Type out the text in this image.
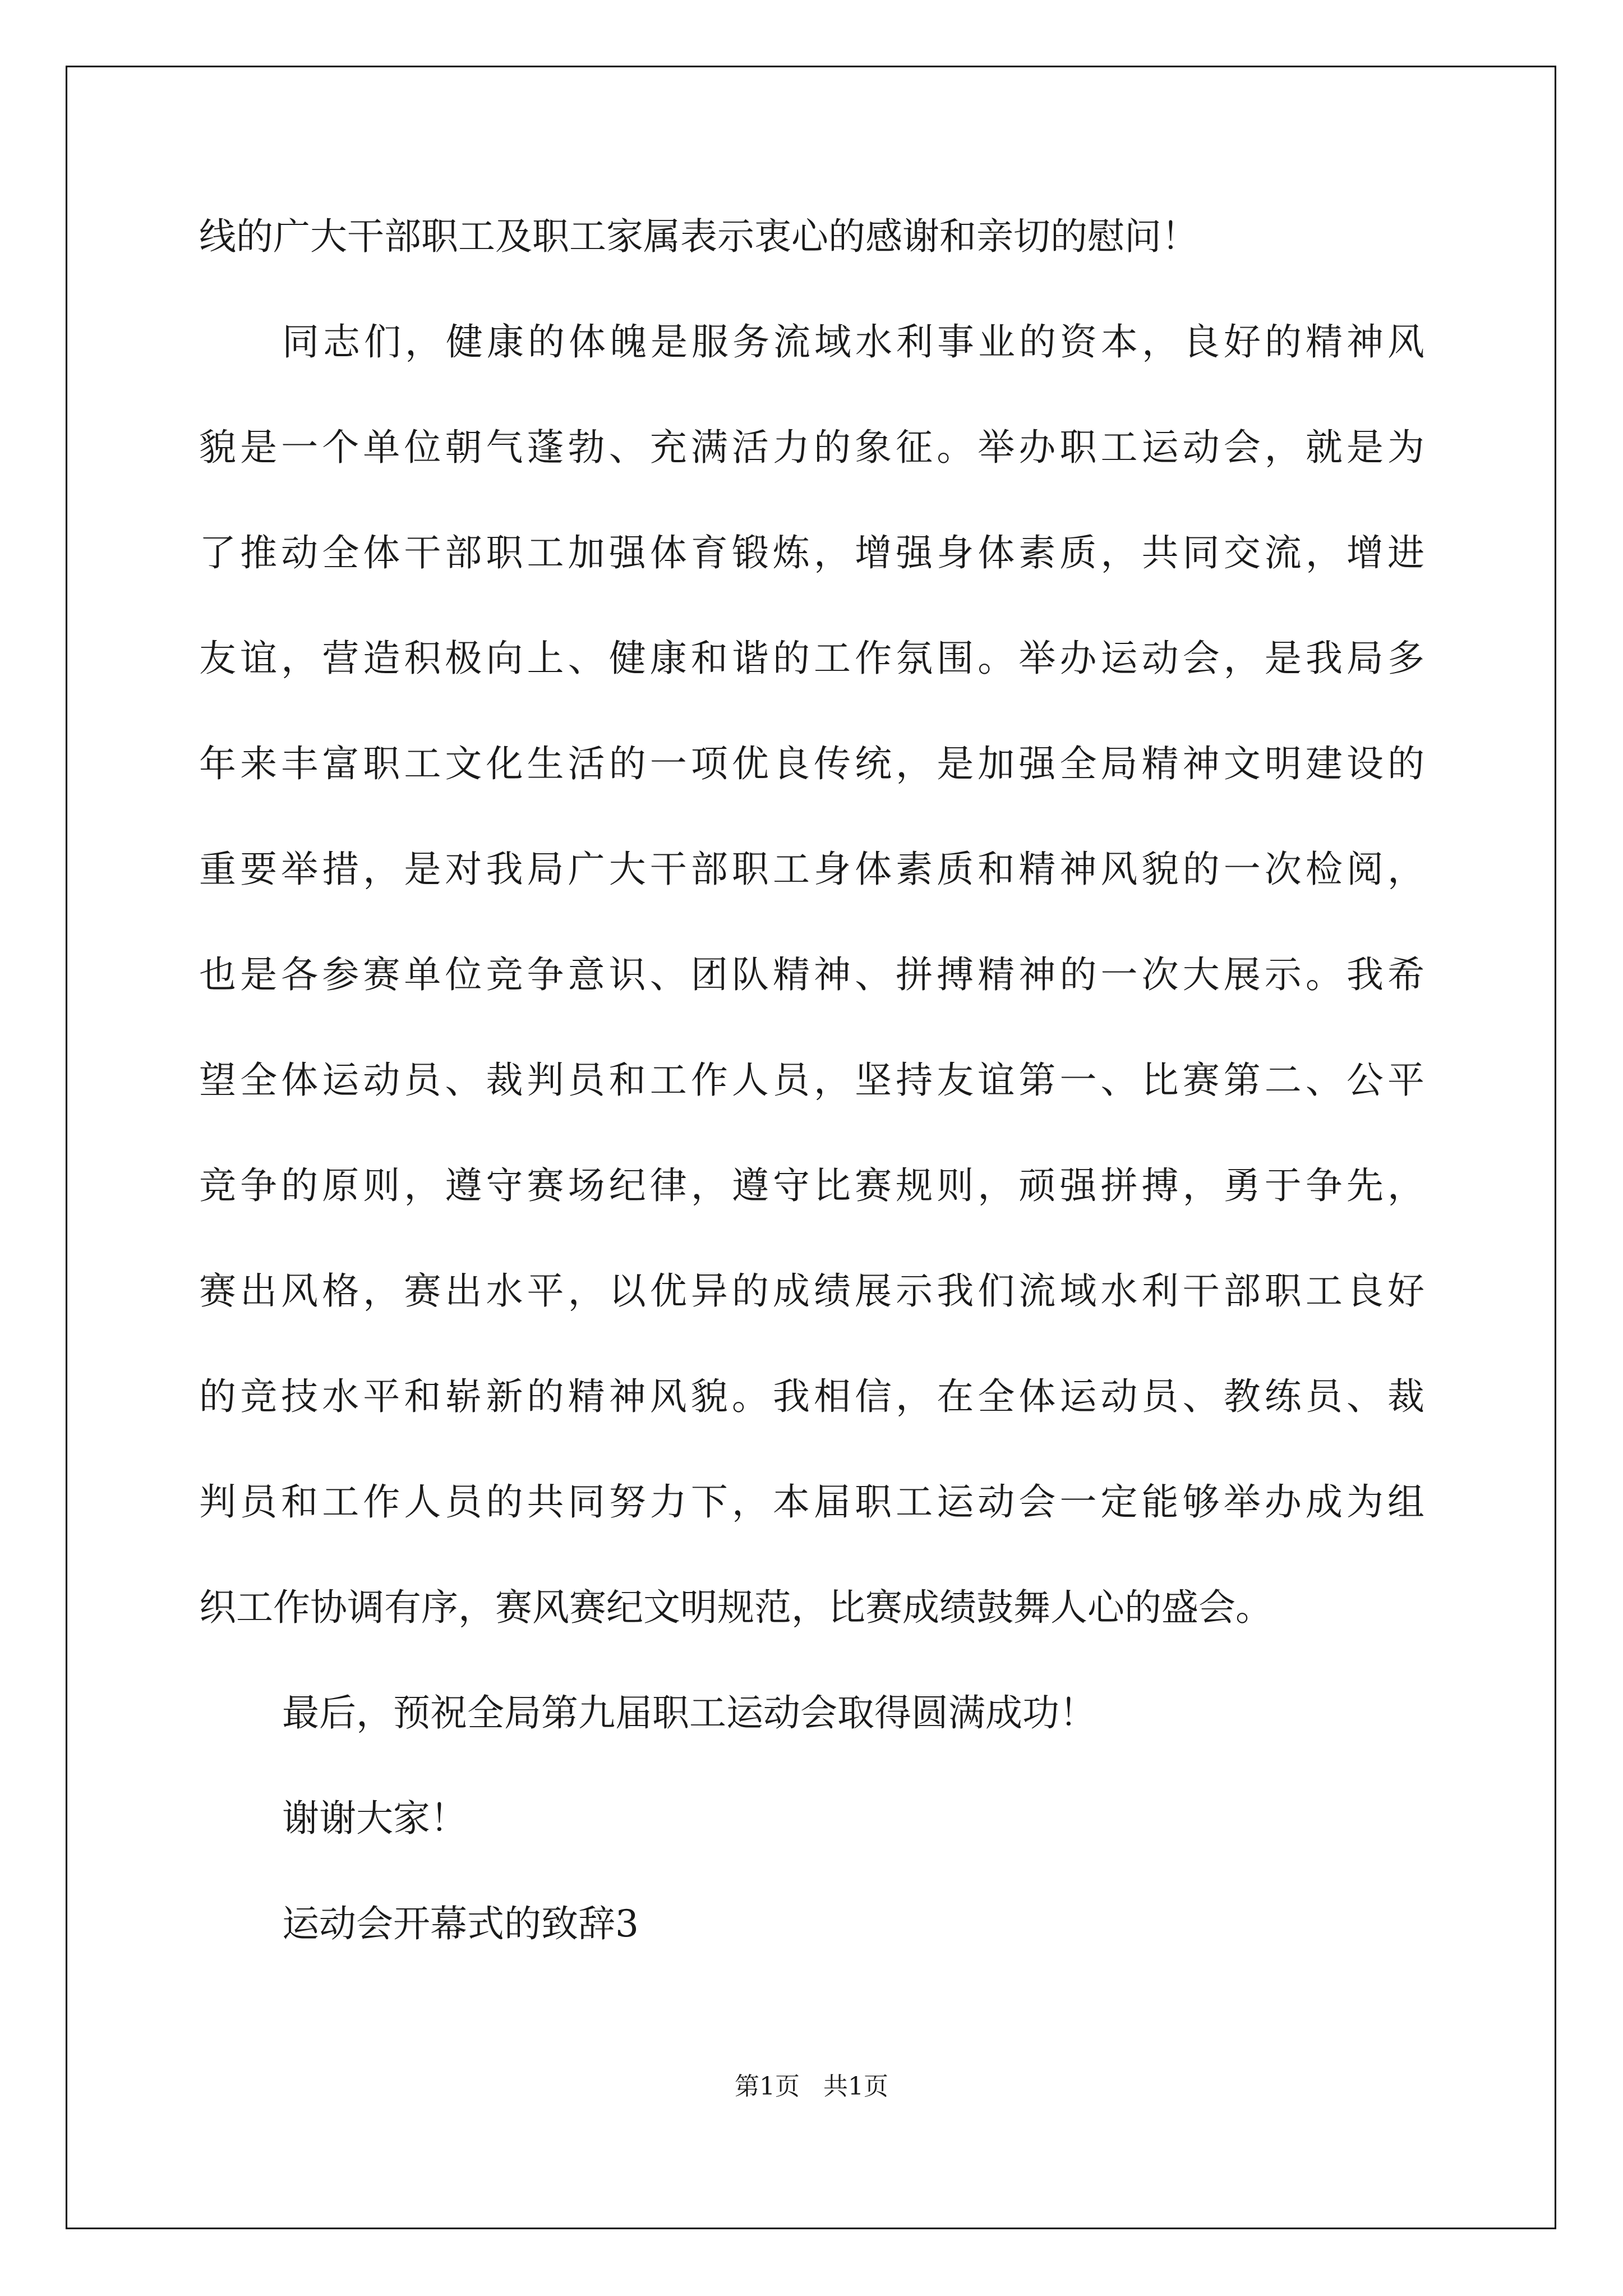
线的广大干部职工及职工家属表示衷心的感谢和亲切的慰问！
同志们，健康的体魄是服务流域水利事业的资本，良好的精神风
貌是一个单位朝气蓬勃、充满活力的象征。举办职工运动会，就是为
了推动全体干部职工加强体育锻炼，增强身体素质，共同交流，增进
友谊，营造积极向上、健康和谐的工作氛围。举办运动会，是我局多
年来丰富职工文化生活的一项优良传统，是加强全局精神文明建设的
重要举措，是对我局广大干部职工身体素质和精神风貌的一次检阅，
也是各参赛单位竞争意识、团队精神、拼搏精神的一次大展示。我希
望全体运动员、裁判员和工作人员，坚持友谊第一、比赛第二、公平
竞争的原则，遵守赛场纪律，遵守比赛规则，顽强拼搏，勇于争先，
赛出风格，赛出水平，以优异的成绩展示我们流域水利干部职工良好
的竞技水平和崭新的精神风貌。我相信，在全体运动员、教练员、裁
判员和工作人员的共同努力下，本届职工运动会一定能够举办成为组
织工作协调有序，赛风赛纪文明规范，比赛成绩鼓舞人心的盛会。
最后，预祝全局第九届职工运动会取得圆满成功！
谢谢大家！
运动会开幕式的致辞3
第1页   共1页
